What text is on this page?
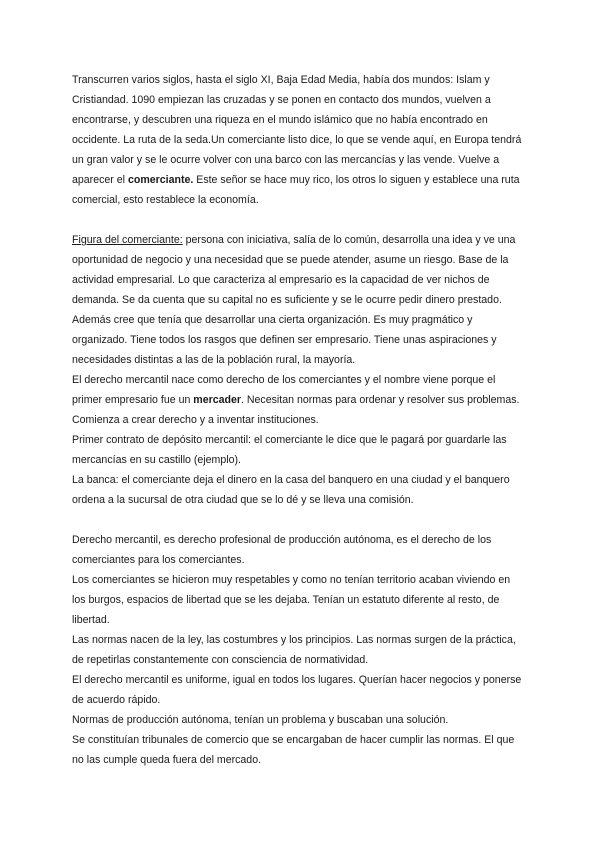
Transcurren varios siglos, hasta el siglo XI, Baja Edad Media, había dos mundos: Islam y Cristiandad. 1090 empiezan las cruzadas y se ponen en contacto dos mundos, vuelven a encontrarse, y descubren una riqueza en el mundo islámico que no había encontrado en occidente. La ruta de la seda.Un comerciante listo dice, lo que se vende aquí, en Europa tendrá un gran valor y se le ocurre volver con una barco con las mercancías y las vende. Vuelve a aparecer el comerciante. Este señor se hace muy rico, los otros lo siguen y establece una ruta comercial, esto restablece la economía.

Figura del comerciante: persona con iniciativa, salía de lo común, desarrolla una idea y ve una oportunidad de negocio y una necesidad que se puede atender, asume un riesgo. Base de la actividad empresarial. Lo que caracteriza al empresario es la capacidad de ver nichos de demanda. Se da cuenta que su capital no es suficiente y se le ocurre pedir dinero prestado. Además cree que tenía que desarrollar una cierta organización. Es muy pragmático y organizado. Tiene todos los rasgos que definen ser empresario. Tiene unas aspiraciones y necesidades distintas a las de la población rural, la mayoría.

El derecho mercantil nace como derecho de los comerciantes y el nombre viene porque el primer empresario fue un mercader. Necesitan normas para ordenar y resolver sus problemas. Comienza a crear derecho y a inventar instituciones.

Primer contrato de depósito mercantil: el comerciante le dice que le pagará por guardarle las mercancías en su castillo (ejemplo).

La banca: el comerciante deja el dinero en la casa del banquero en una ciudad y el banquero ordena a la sucursal de otra ciudad que se lo dé y se lleva una comisión.

Derecho mercantil, es derecho profesional de producción autónoma, es el derecho de los comerciantes para los comerciantes.

Los comerciantes se hicieron muy respetables y como no tenían territorio acaban viviendo en los burgos, espacios de libertad que se les dejaba. Tenían un estatuto diferente al resto, de libertad.

Las normas nacen de la ley, las costumbres y los principios. Las normas surgen de la práctica, de repetirlas constantemente con consciencia de normatividad.

El derecho mercantil es uniforme, igual en todos los lugares. Querían hacer negocios y ponerse de acuerdo rápido.

Normas de producción autónoma, tenían un problema y buscaban una solución.

Se constituían tribunales de comercio que se encargaban de hacer cumplir las normas. El que no las cumple queda fuera del mercado.
